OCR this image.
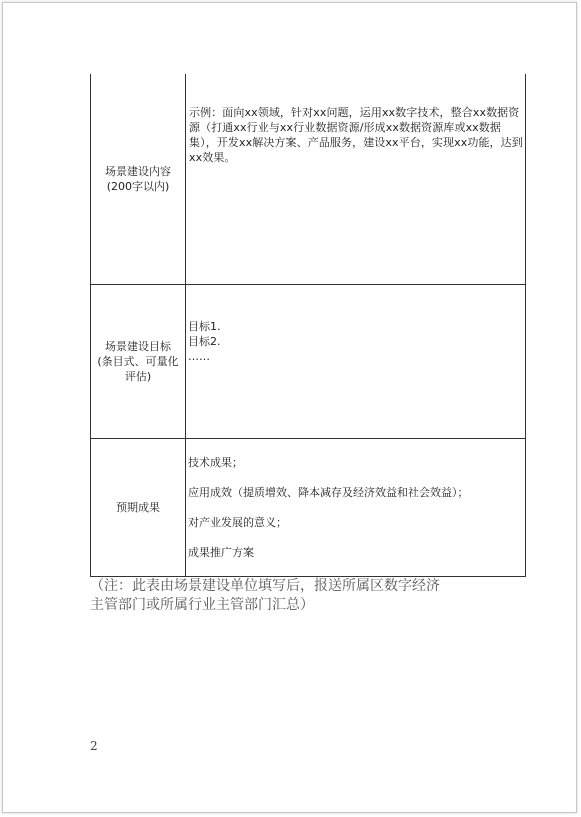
场景建设内容
(200字以内)	示例：面向xx领域，针对xx问题，运用xx数字技术，整合xx数据资源（打通xx行业与xx行业数据资源/形成xx数据资源库或xx数据集），开发xx解决方案、产品服务，建设xx平台，实现xx功能，达到xx效果。

场景建设目标
(条目式、可量化
评估)	目标1.
目标2.
……

预期成果	技术成果；
应用成效（提质增效、降本减存及经济效益和社会效益）；
对产业发展的意义；
成果推广方案
（注：此表由场景建设单位填写后，报送所属区数字经济
主管部门或所属行业主管部门汇总）
2
